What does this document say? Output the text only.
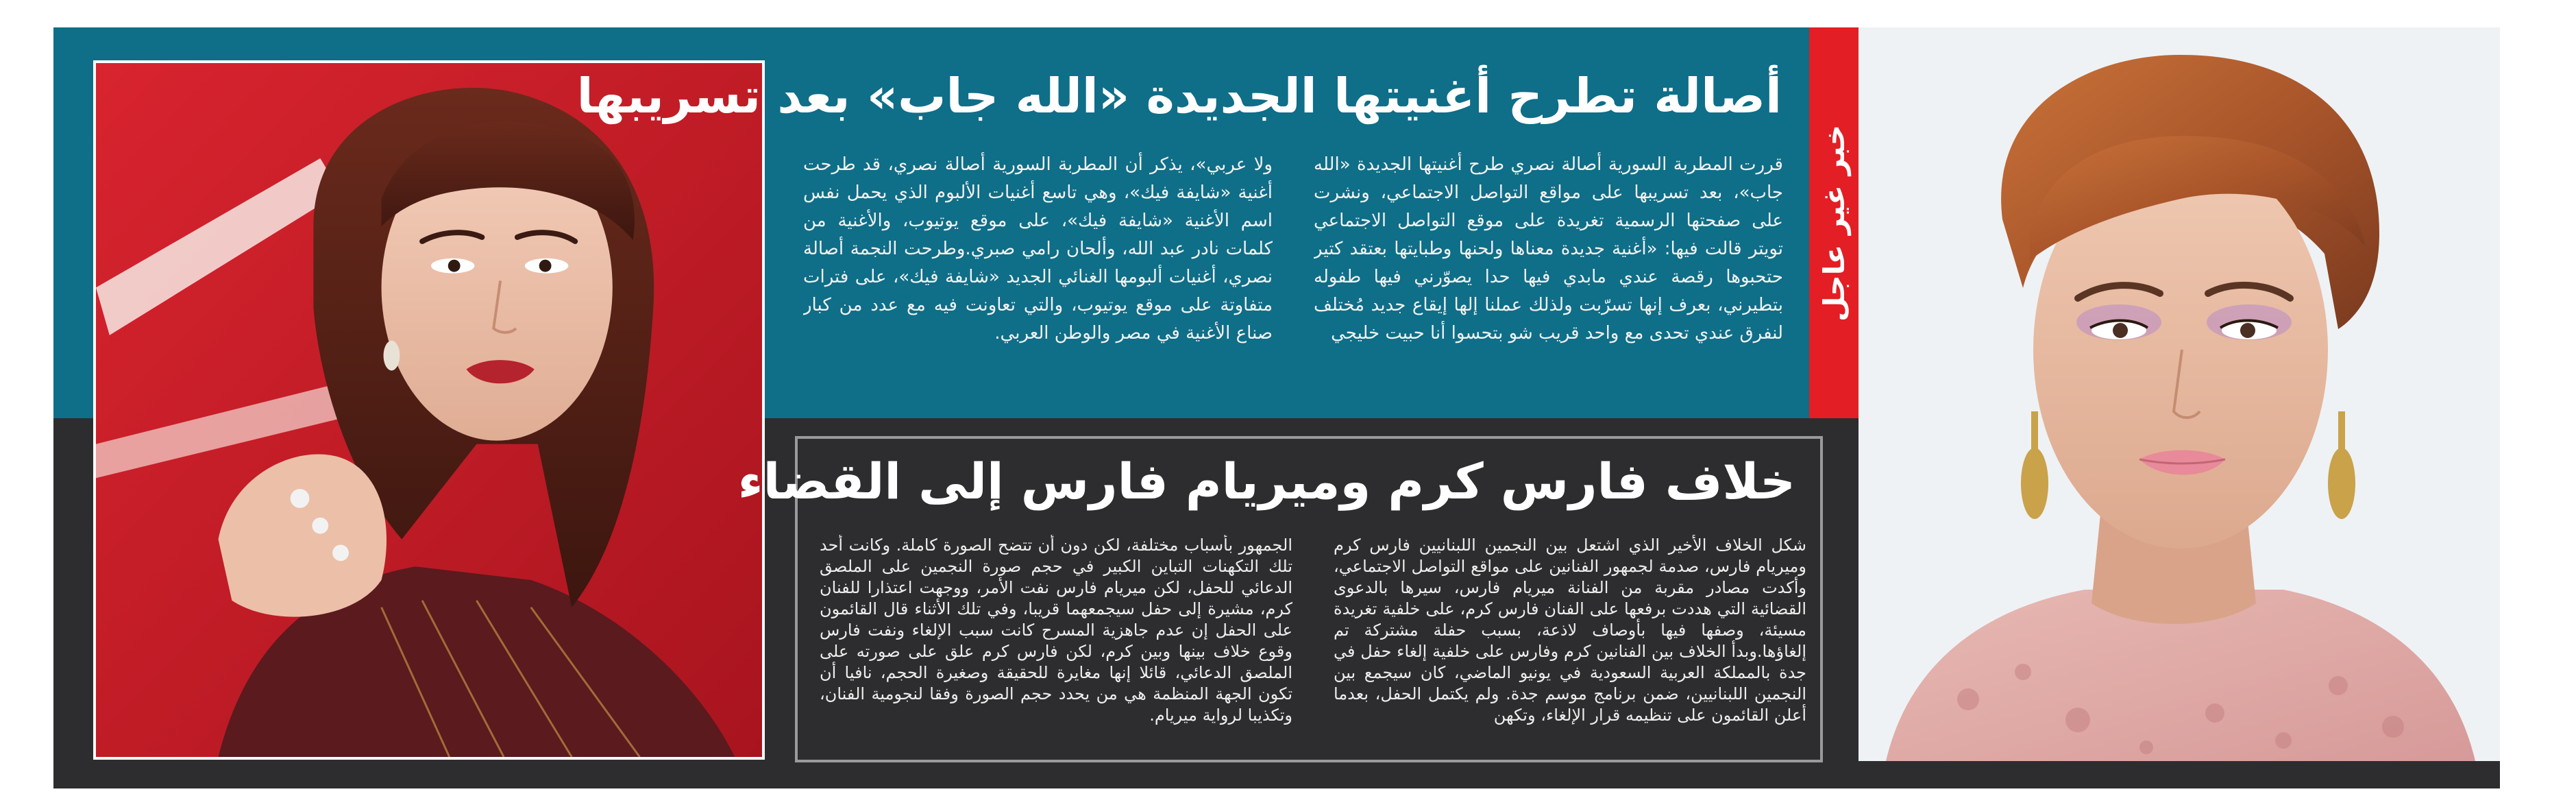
خبر غير عاجل
أصالة تطرح أغنيتها الجديدة «الله جاب» بعد تسريبها

قررت المطربة السورية أصالة نصري طرح أغنيتها الجديدة «الله جاب»، بعد تسريبها على مواقع التواصل الاجتماعي، ونشرت على صفحتها الرسمية تغريدة على موقع التواصل الاجتماعي تويتر قالت فيها: «أغنية جديدة معناها ولحنها وطبايتها بعتقد كتير حتحبوها رقصة عندي مابدي فيها حدا يصوّرني فيها طفوله بتطيرني، بعرف إنها تسرّبت ولذلك عملنا إلها إيقاع جديد مُختلف لنفرق عندي تحدى مع واحد قريب شو بتحسوا أنا حبيت خليجي

ولا عربي»، يذكر أن المطربة السورية أصالة نصري، قد طرحت أغنية «شايفة فيك»، وهي تاسع أغنيات الألبوم الذي يحمل نفس اسم الأغنية «شايفة فيك»، على موقع يوتيوب، والأغنية من كلمات نادر عبد الله، وألحان رامي صبري.وطرحت النجمة أصالة نصري، أغنيات ألبومها الغنائي الجديد «شايفة فيك»، على فترات متفاوتة على موقع يوتيوب، والتي تعاونت فيه مع عدد من كبار صناع الأغنية في مصر والوطن العربي.

خلاف فارس كرم وميريام فارس إلى القضاء

شكل الخلاف الأخير الذي اشتعل بين النجمين اللبنانيين فارس كرم وميريام فارس، صدمة لجمهور الفنانين على مواقع التواصل الاجتماعي، وأكدت مصادر مقربة من الفنانة ميريام فارس، سيرها بالدعوى القضائية التي هددت برفعها على الفنان فارس كرم، على خلفية تغريدة مسيئة، وصفها فيها بأوصاف لاذعة، بسبب حفلة مشتركة تم إلغاؤها.وبدأ الخلاف بين الفنانين كرم وفارس على خلفية إلغاء حفل في جدة بالمملكة العربية السعودية في يونيو الماضي، كان سيجمع بين النجمين اللبنانيين، ضمن برنامج موسم جدة. ولم يكتمل الحفل، بعدما أعلن القائمون على تنظيمه قرار الإلغاء، وتكهن

الجمهور بأسباب مختلفة، لكن دون أن تتضح الصورة كاملة. وكانت أحد تلك التكهنات التباين الكبير في حجم صورة النجمين على الملصق الدعائي للحفل، لكن ميريام فارس نفت الأمر، ووجهت اعتذارا للفنان كرم، مشيرة إلى حفل سيجمعهما قريبا، وفي تلك الأثناء قال القائمون على الحفل إن عدم جاهزية المسرح كانت سبب الإلغاء ونفت فارس وقوع خلاف بينها وبين كرم، لكن فارس كرم علق على صورته على الملصق الدعائي، قائلا إنها مغايرة للحقيقة وصغيرة الحجم، نافيا أن تكون الجهة المنظمة هي من يحدد حجم الصورة وفقا لنجومية الفنان، وتكذيبا لرواية ميريام.
